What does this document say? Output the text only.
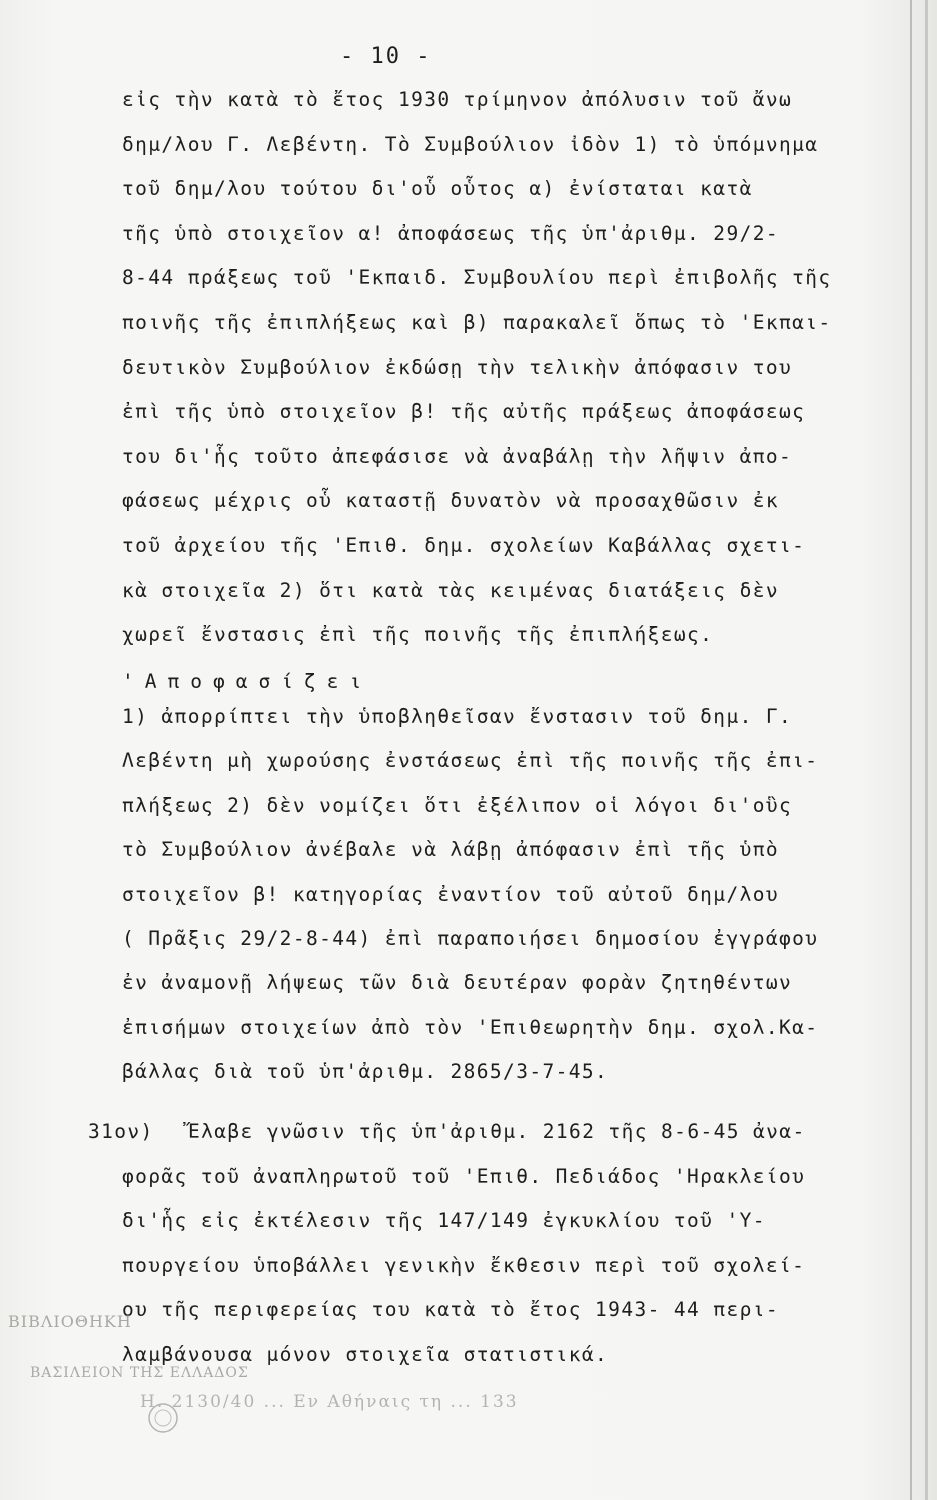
- 10 -
εἰς τὴν κατὰ τὸ ἔτος 1930 τρίμηνον ἀπόλυσιν τοῦ ἄνω
δημ/λου Γ. Λεβέντη. Τὸ Συμβούλιον ἰδὸν 1) τὸ ὑπόμνημα
τοῦ δημ/λου τούτου δι'οὗ οὗτος α) ἐνίσταται κατὰ
τῆς ὑπὸ στοιχεῖον α! ἀποφάσεως τῆς ὑπ'ἀριθμ. 29/2-
8-44 πράξεως τοῦ 'Εκπαιδ. Συμβουλίου περὶ ἐπιβολῆς τῆς
ποινῆς τῆς ἐπιπλήξεως καὶ β) παρακαλεῖ ὅπως τὸ 'Εκπαι-
δευτικὸν Συμβούλιον ἐκδώσῃ τὴν τελικὴν ἀπόφασιν του
ἐπὶ τῆς ὑπὸ στοιχεῖον β! τῆς αὐτῆς πράξεως ἀποφάσεως
του δι'ἧς τοῦτο ἀπεφάσισε νὰ ἀναβάλῃ τὴν λῆψιν ἀπο-
φάσεως μέχρις οὗ καταστῇ δυνατὸν νὰ προσαχθῶσιν ἐκ
τοῦ ἀρχείου τῆς 'Επιθ. δημ. σχολείων Καβάλλας σχετι-
κὰ στοιχεῖα 2) ὅτι κατὰ τὰς κειμένας διατάξεις δὲν
χωρεῖ ἔνστασις ἐπὶ τῆς ποινῆς τῆς ἐπιπλήξεως.
'Αποφασίζει
1) ἀπορρίπτει τὴν ὑποβληθεῖσαν ἔνστασιν τοῦ δημ. Γ.
Λεβέντη μὴ χωρούσης ἐνστάσεως ἐπὶ τῆς ποινῆς τῆς ἐπι-
πλήξεως 2) δὲν νομίζει ὅτι ἐξέλιπον οἱ λόγοι δι'οὓς
τὸ Συμβούλιον ἀνέβαλε νὰ λάβῃ ἀπόφασιν ἐπὶ τῆς ὑπὸ
στοιχεῖον β! κατηγορίας ἐναντίον τοῦ αὐτοῦ δημ/λου
( Πρᾶξις 29/2-8-44) ἐπὶ παραποιήσει δημοσίου ἐγγράφου
ἐν ἀναμονῇ λήψεως τῶν διὰ δευτέραν φορὰν ζητηθέντων
ἐπισήμων στοιχείων ἀπὸ τὸν 'Επιθεωρητὴν δημ. σχολ.Κα-
βάλλας διὰ τοῦ ὑπ'ἀριθμ. 2865/3-7-45.
31ον) Ἔλαβε γνῶσιν τῆς ὑπ'ἀριθμ. 2162 τῆς 8-6-45 ἀνα-
φορᾶς τοῦ ἀναπληρωτοῦ τοῦ 'Επιθ. Πεδιάδος 'Ηρακλείου
δι'ἧς εἰς ἐκτέλεσιν τῆς 147/149 ἐγκυκλίου τοῦ 'Υ-
πουργείου ὑποβάλλει γενικὴν ἔκθεσιν περὶ τοῦ σχολεί-
ου τῆς περιφερείας του κατὰ τὸ ἔτος 1943- 44 περι-
λαμβάνουσα μόνον στοιχεῖα στατιστικά.
ΒΙΒΛΙΟΘΗΚΗ
ΒΑΣΙΛΕΙΟΝ ΤΗΣ ΕΛΛΑΔΟΣ
Η. 2130/40 ... Εν Αθήναις τη ... 133
